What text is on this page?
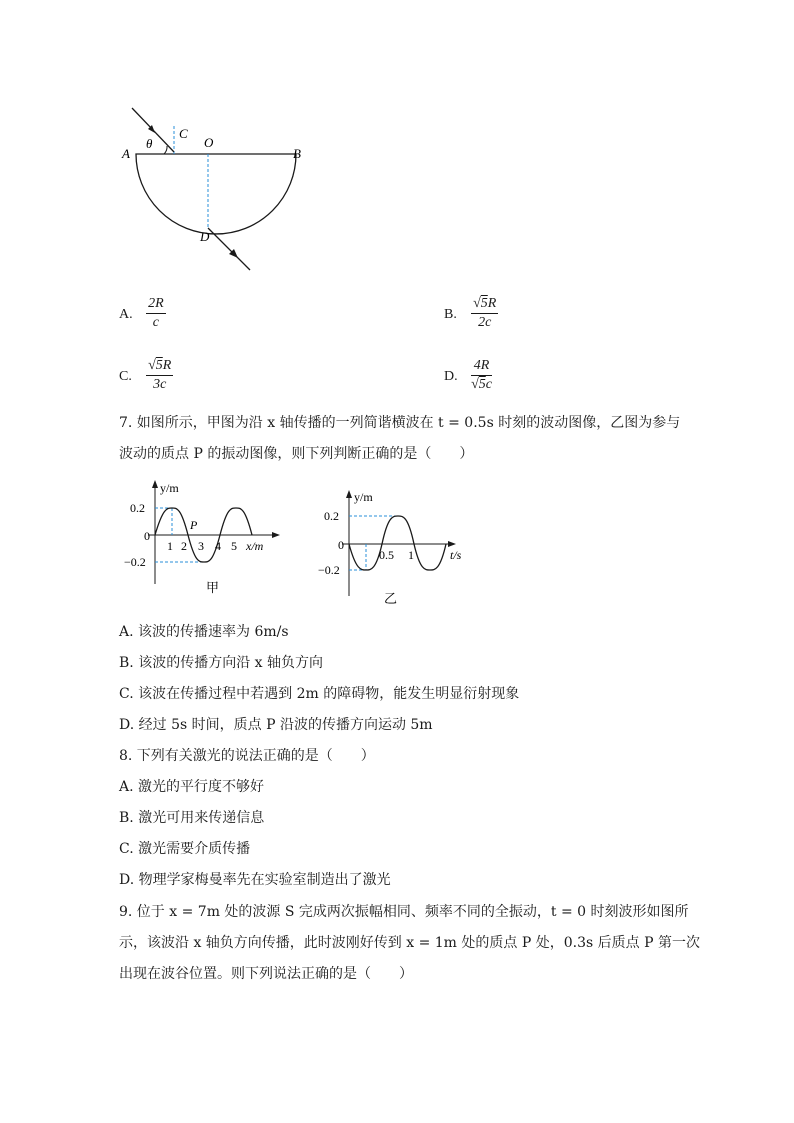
A
θ
C
O
B
D
A. $\frac{2R}{c}$	B. $\frac{√5R}{2c}$
C. $\frac{√5R}{3c}$	D. $\frac{4R}{√5c}$
7. 如图所示，甲图为沿 x 轴传播的一列简谐横波在 t = 0.5s 时刻的波动图像，乙图为参与
波动的质点 P 的振动图像，则下列判断正确的是（　　）
y/m
0.2
0
−0.2
1 2 3 4 5 x/m
P
甲
y/m
0.2
0
−0.2
0.5 1	t/s
乙
A. 该波的传播速率为 6m/s
B. 该波的传播方向沿 x 轴负方向
C. 该波在传播过程中若遇到 2m 的障碍物，能发生明显衍射现象
D. 经过 5s 时间，质点 P 沿波的传播方向运动 5m
8. 下列有关激光的说法正确的是（　　）
A. 激光的平行度不够好
B. 激光可用来传递信息
C. 激光需要介质传播
D. 物理学家梅曼率先在实验室制造出了激光
9. 位于 x = 7m 处的波源 S 完成两次振幅相同、频率不同的全振动，t = 0 时刻波形如图所
示，该波沿 x 轴负方向传播，此时波刚好传到 x = 1m 处的质点 P 处，0.3s 后质点 P 第一次
出现在波谷位置。则下列说法正确的是（　　）
